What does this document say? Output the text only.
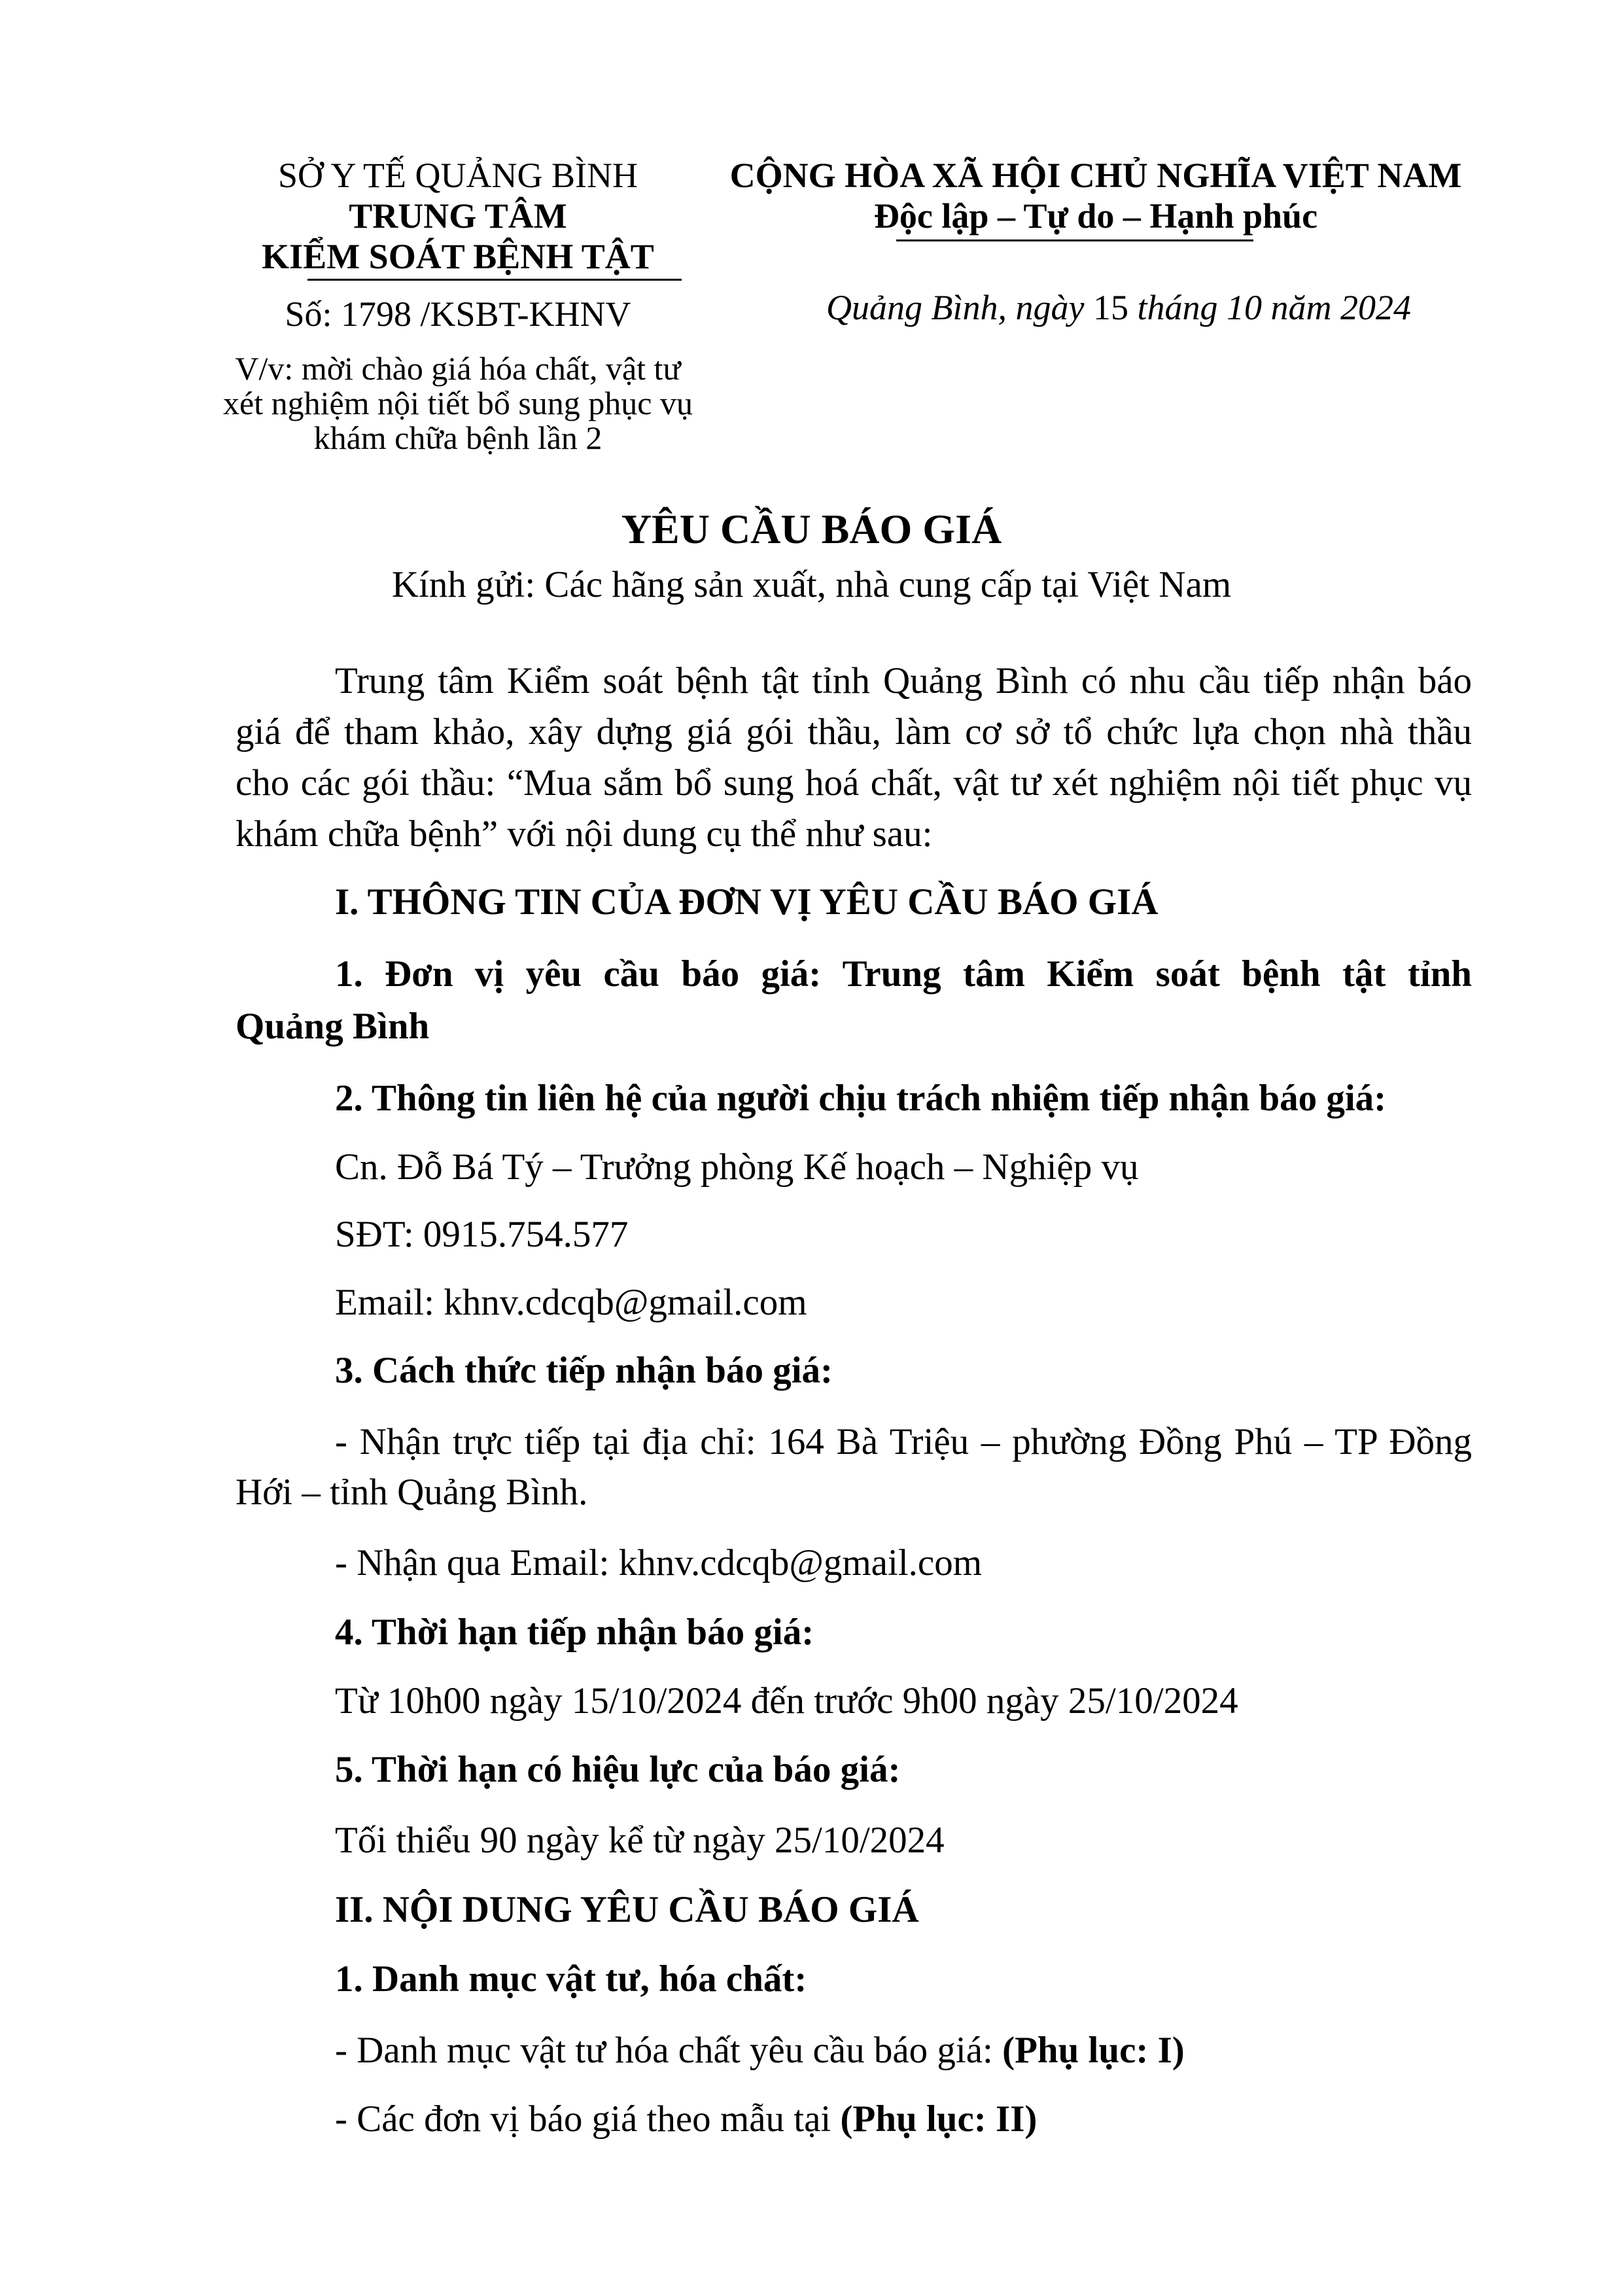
SỞ Y TẾ QUẢNG BÌNH
TRUNG TÂM
KIỂM SOÁT BỆNH TẬT
Số: 1798 /KSBT-KHNV
V/v: mời chào giá hóa chất, vật tư
xét nghiệm nội tiết bổ sung phục vụ
khám chữa bệnh lần 2
CỘNG HÒA XÃ HỘI CHỦ NGHĨA VIỆT NAM
Độc lập – Tự do – Hạnh phúc
Quảng Bình, ngày 15 tháng 10 năm 2024
YÊU CẦU BÁO GIÁ
Kính gửi: Các hãng sản xuất, nhà cung cấp tại Việt Nam
Trung tâm Kiểm soát bệnh tật tỉnh Quảng Bình có nhu cầu tiếp nhận báo
giá để tham khảo, xây dựng giá gói thầu, làm cơ sở tổ chức lựa chọn nhà thầu
cho các gói thầu: “Mua sắm bổ sung hoá chất, vật tư xét nghiệm nội tiết phục vụ
khám chữa bệnh” với nội dung cụ thể như sau:
I. THÔNG TIN CỦA ĐƠN VỊ YÊU CẦU BÁO GIÁ
1. Đơn vị yêu cầu báo giá: Trung tâm Kiểm soát bệnh tật tỉnh
Quảng Bình
2. Thông tin liên hệ của người chịu trách nhiệm tiếp nhận báo giá:
Cn. Đỗ Bá Tý – Trưởng phòng Kế hoạch – Nghiệp vụ
SĐT: 0915.754.577
Email: khnv.cdcqb@gmail.com
3. Cách thức tiếp nhận báo giá:
- Nhận trực tiếp tại địa chỉ: 164 Bà Triệu – phường Đồng Phú – TP Đồng
Hới – tỉnh Quảng Bình.
- Nhận qua Email: khnv.cdcqb@gmail.com
4. Thời hạn tiếp nhận báo giá:
Từ 10h00 ngày 15/10/2024 đến trước 9h00 ngày 25/10/2024
5. Thời hạn có hiệu lực của báo giá:
Tối thiểu 90 ngày kể từ ngày 25/10/2024
II. NỘI DUNG YÊU CẦU BÁO GIÁ
1. Danh mục vật tư, hóa chất:
- Danh mục vật tư hóa chất yêu cầu báo giá: (Phụ lục: I)
- Các đơn vị báo giá theo mẫu tại (Phụ lục: II)
